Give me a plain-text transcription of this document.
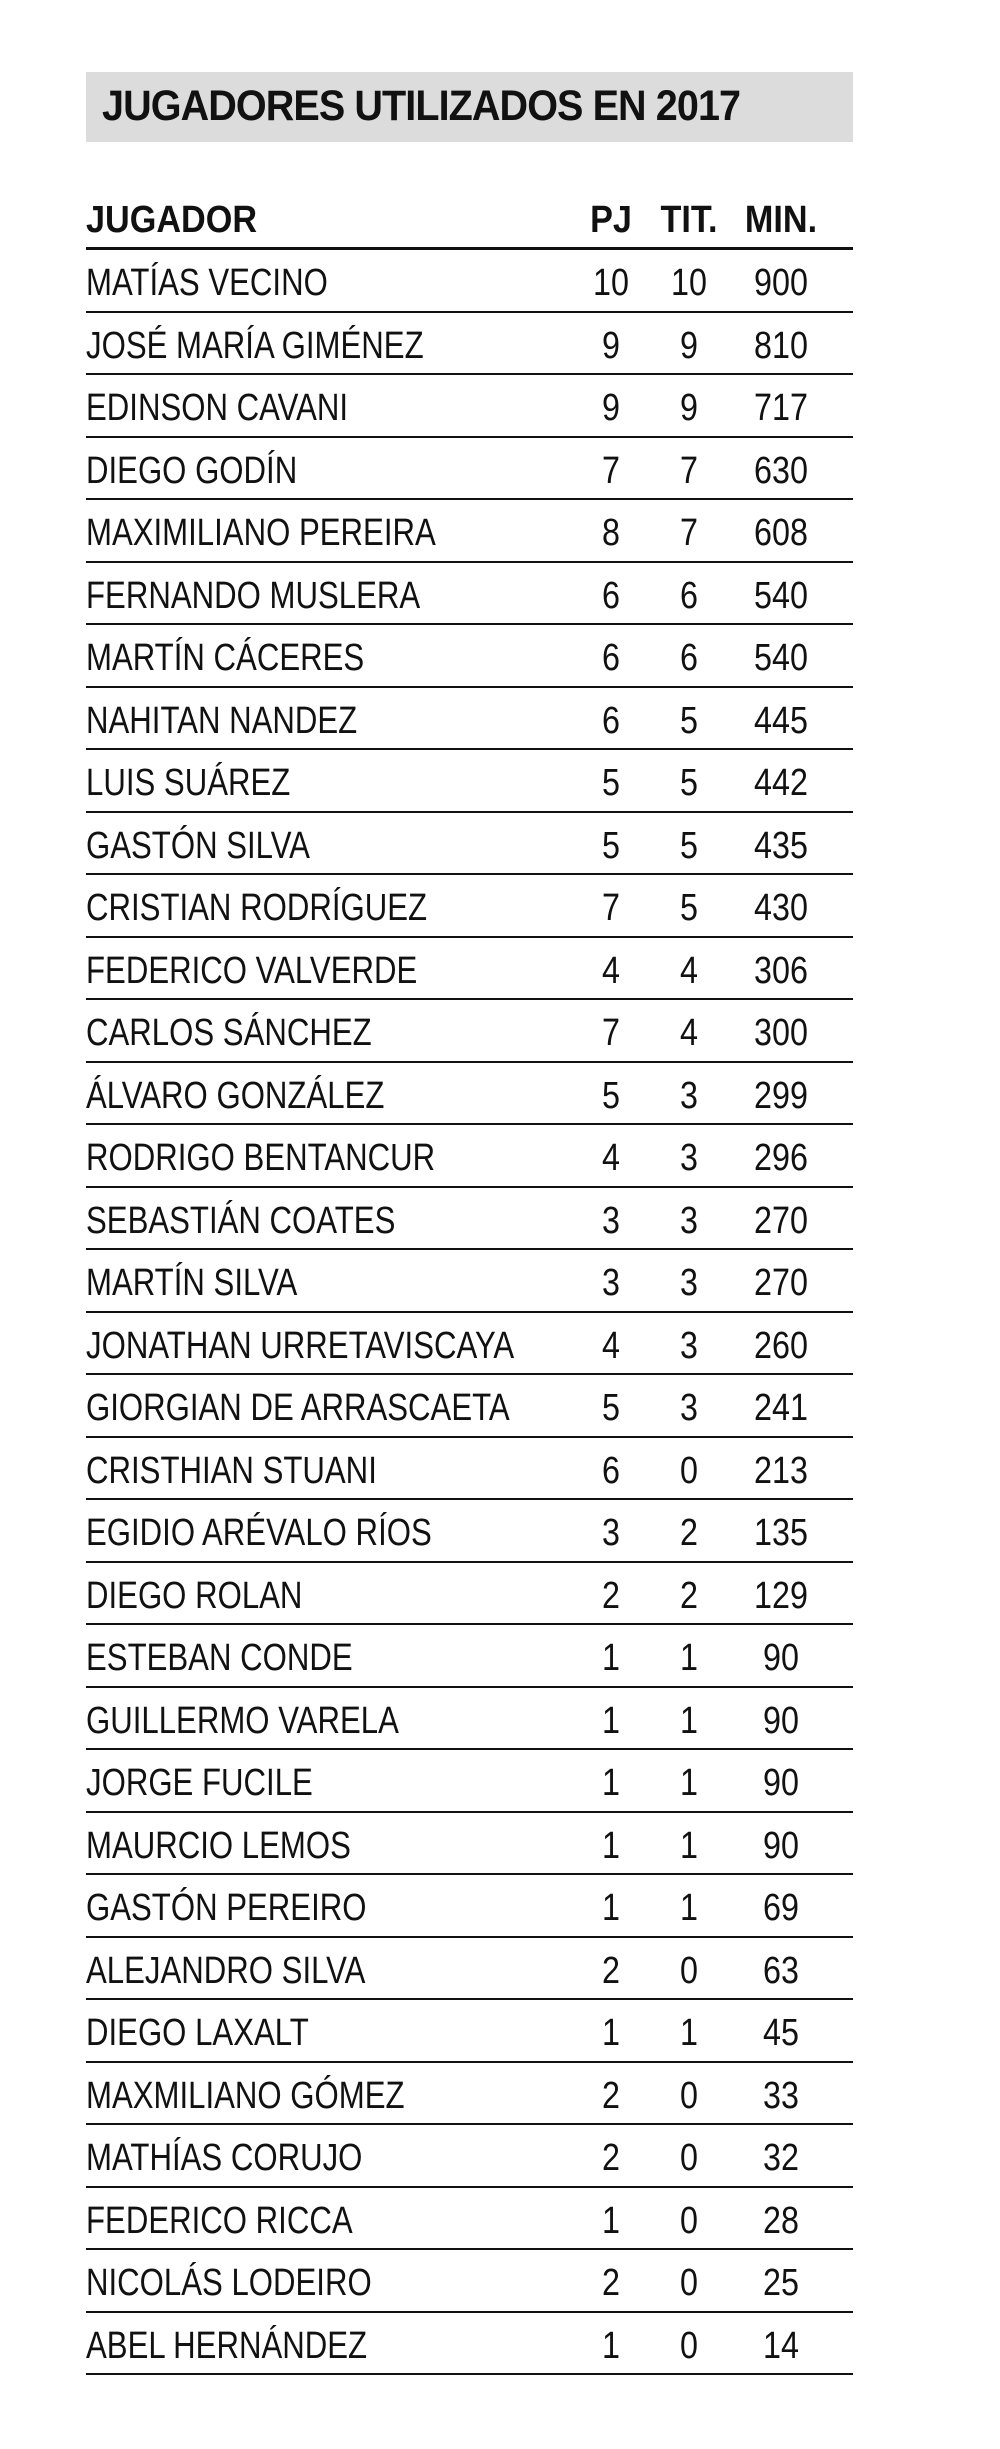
JUGADORES UTILIZADOS EN 2017
JUGADOR	PJ TIT. MIN.
MATÍAS VECINO	10	10	900
JOSÉ MARÍA GIMÉNEZ	9	9	810
EDINSON CAVANI	9	9	717
DIEGO GODÍN	7	7	630
MAXIMILIANO PEREIRA	8	7	608
FERNANDO MUSLERA	6	6	540
MARTÍN CÁCERES	6	6	540
NAHITAN NANDEZ	6	5	445
LUIS SUÁREZ	5	5	442
GASTÓN SILVA	5	5	435
CRISTIAN RODRÍGUEZ	7	5	430
FEDERICO VALVERDE	4	4	306
CARLOS SÁNCHEZ	7	4	300
ÁLVARO GONZÁLEZ	5	3	299
RODRIGO BENTANCUR	4	3	296
SEBASTIÁN COATES	3	3	270
MARTÍN SILVA	3	3	270
JONATHAN URRETAVISCAYA	4	3	260
GIORGIAN DE ARRASCAETA	5	3	241
CRISTHIAN STUANI	6	0	213
EGIDIO ARÉVALO RÍOS	3	2	135
DIEGO ROLAN	2	2	129
ESTEBAN CONDE	1	1	90
GUILLERMO VARELA	1	1	90
JORGE FUCILE	1	1	90
MAURCIO LEMOS	1	1	90
GASTÓN PEREIRO	1	1	69
ALEJANDRO SILVA	2	0	63
DIEGO LAXALT	1	1	45
MAXMILIANO GÓMEZ	2	0	33
MATHÍAS CORUJO	2	0	32
FEDERICO RICCA	1	0	28
NICOLÁS LODEIRO	2	0	25
ABEL HERNÁNDEZ	1	0	14
